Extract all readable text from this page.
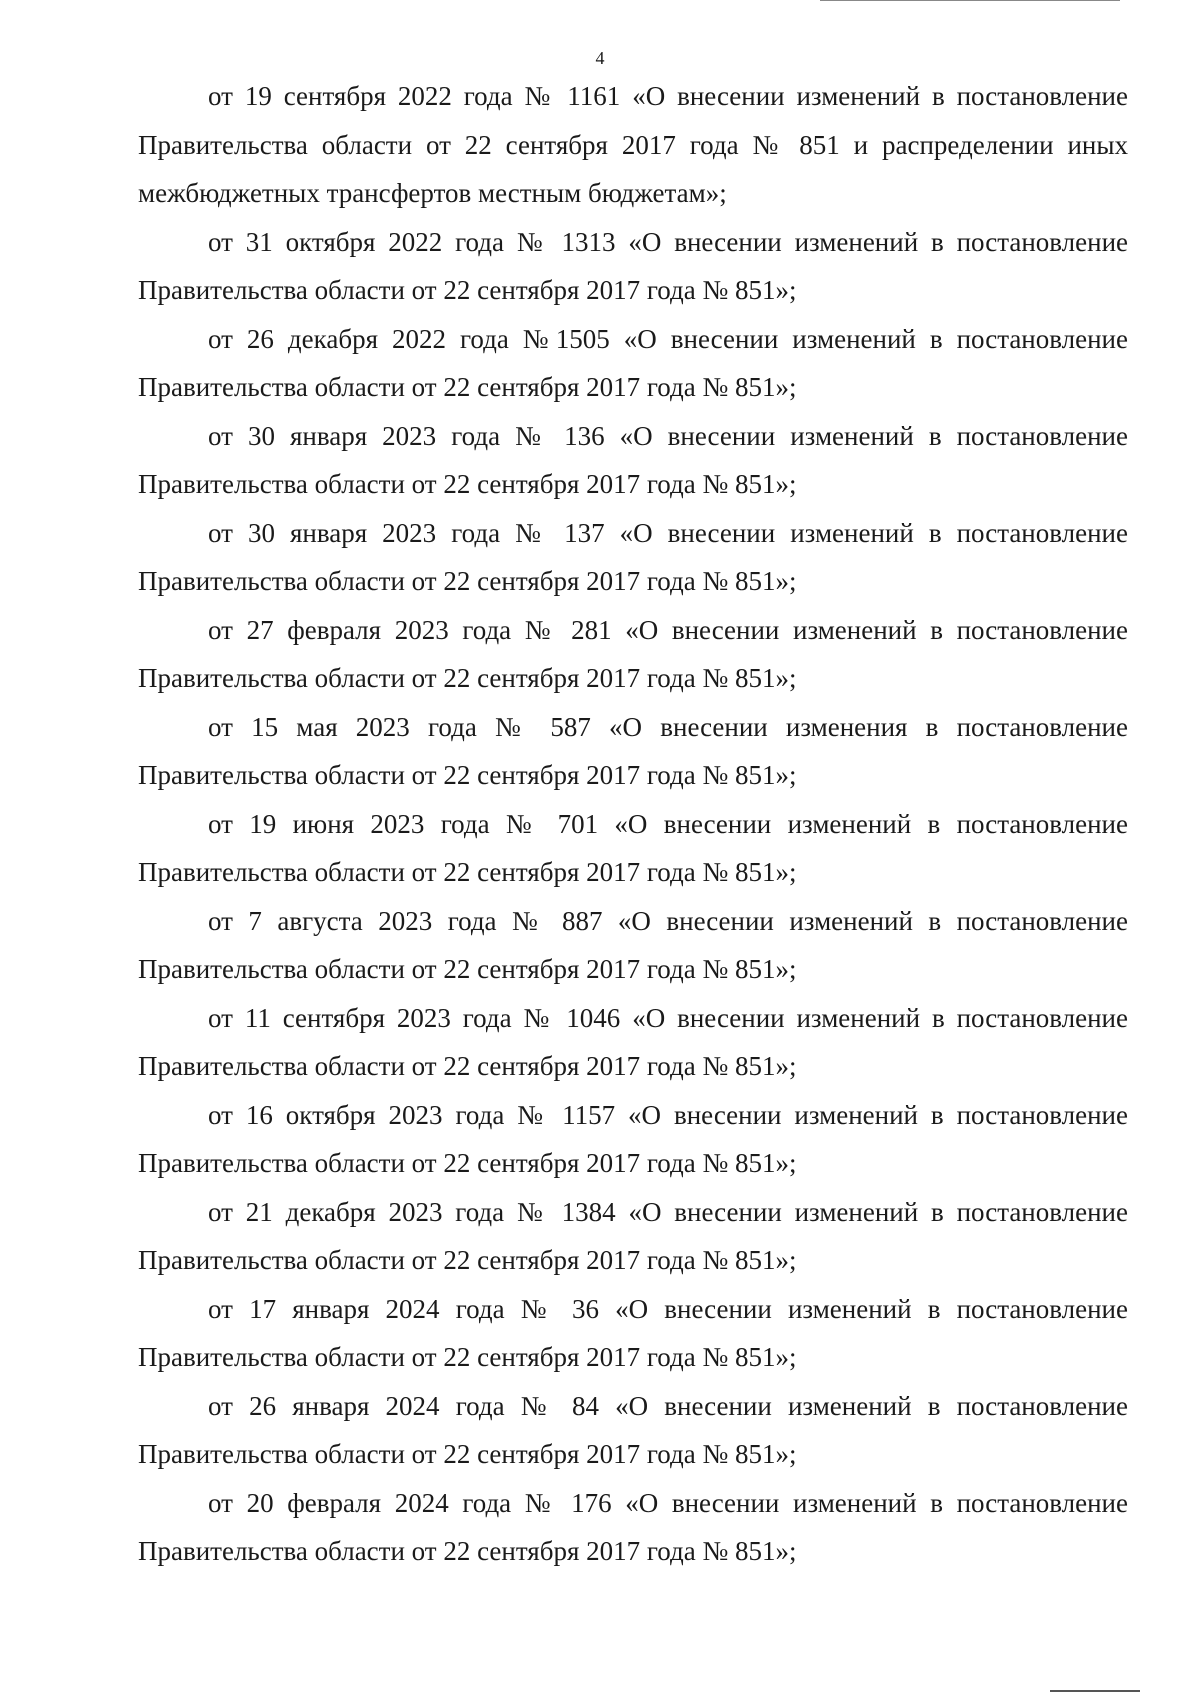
4

от 19 сентября 2022 года № 1161 «О внесении изменений в постановление Правительства области от 22 сентября 2017 года № 851 и распределении иных межбюджетных трансфертов местным бюджетам»;

от 31 октября 2022 года № 1313 «О внесении изменений в постановление Правительства области от 22 сентября 2017 года № 851»;

от 26 декабря 2022 года №1505 «О внесении изменений в постановление Правительства области от 22 сентября 2017 года № 851»;

от 30 января 2023 года № 136 «О внесении изменений в постановление Правительства области от 22 сентября 2017 года № 851»;

от 30 января 2023 года № 137 «О внесении изменений в постановление Правительства области от 22 сентября 2017 года № 851»;

от 27 февраля 2023 года № 281 «О внесении изменений в постановление Правительства области от 22 сентября 2017 года № 851»;

от 15 мая 2023 года № 587 «О внесении изменения в постановление Правительства области от 22 сентября 2017 года № 851»;

от 19 июня 2023 года № 701 «О внесении изменений в постановление Правительства области от 22 сентября 2017 года № 851»;

от 7 августа 2023 года № 887 «О внесении изменений в постановление Правительства области от 22 сентября 2017 года № 851»;

от 11 сентября 2023 года № 1046 «О внесении изменений в постановление Правительства области от 22 сентября 2017 года № 851»;

от 16 октября 2023 года № 1157 «О внесении изменений в постановление Правительства области от 22 сентября 2017 года № 851»;

от 21 декабря 2023 года № 1384 «О внесении изменений в постановление Правительства области от 22 сентября 2017 года № 851»;

от 17 января 2024 года № 36 «О внесении изменений в постановление Правительства области от 22 сентября 2017 года № 851»;

от 26 января 2024 года № 84 «О внесении изменений в постановление Правительства области от 22 сентября 2017 года № 851»;

от 20 февраля 2024 года № 176 «О внесении изменений в постановление Правительства области от 22 сентября 2017 года № 851»;
